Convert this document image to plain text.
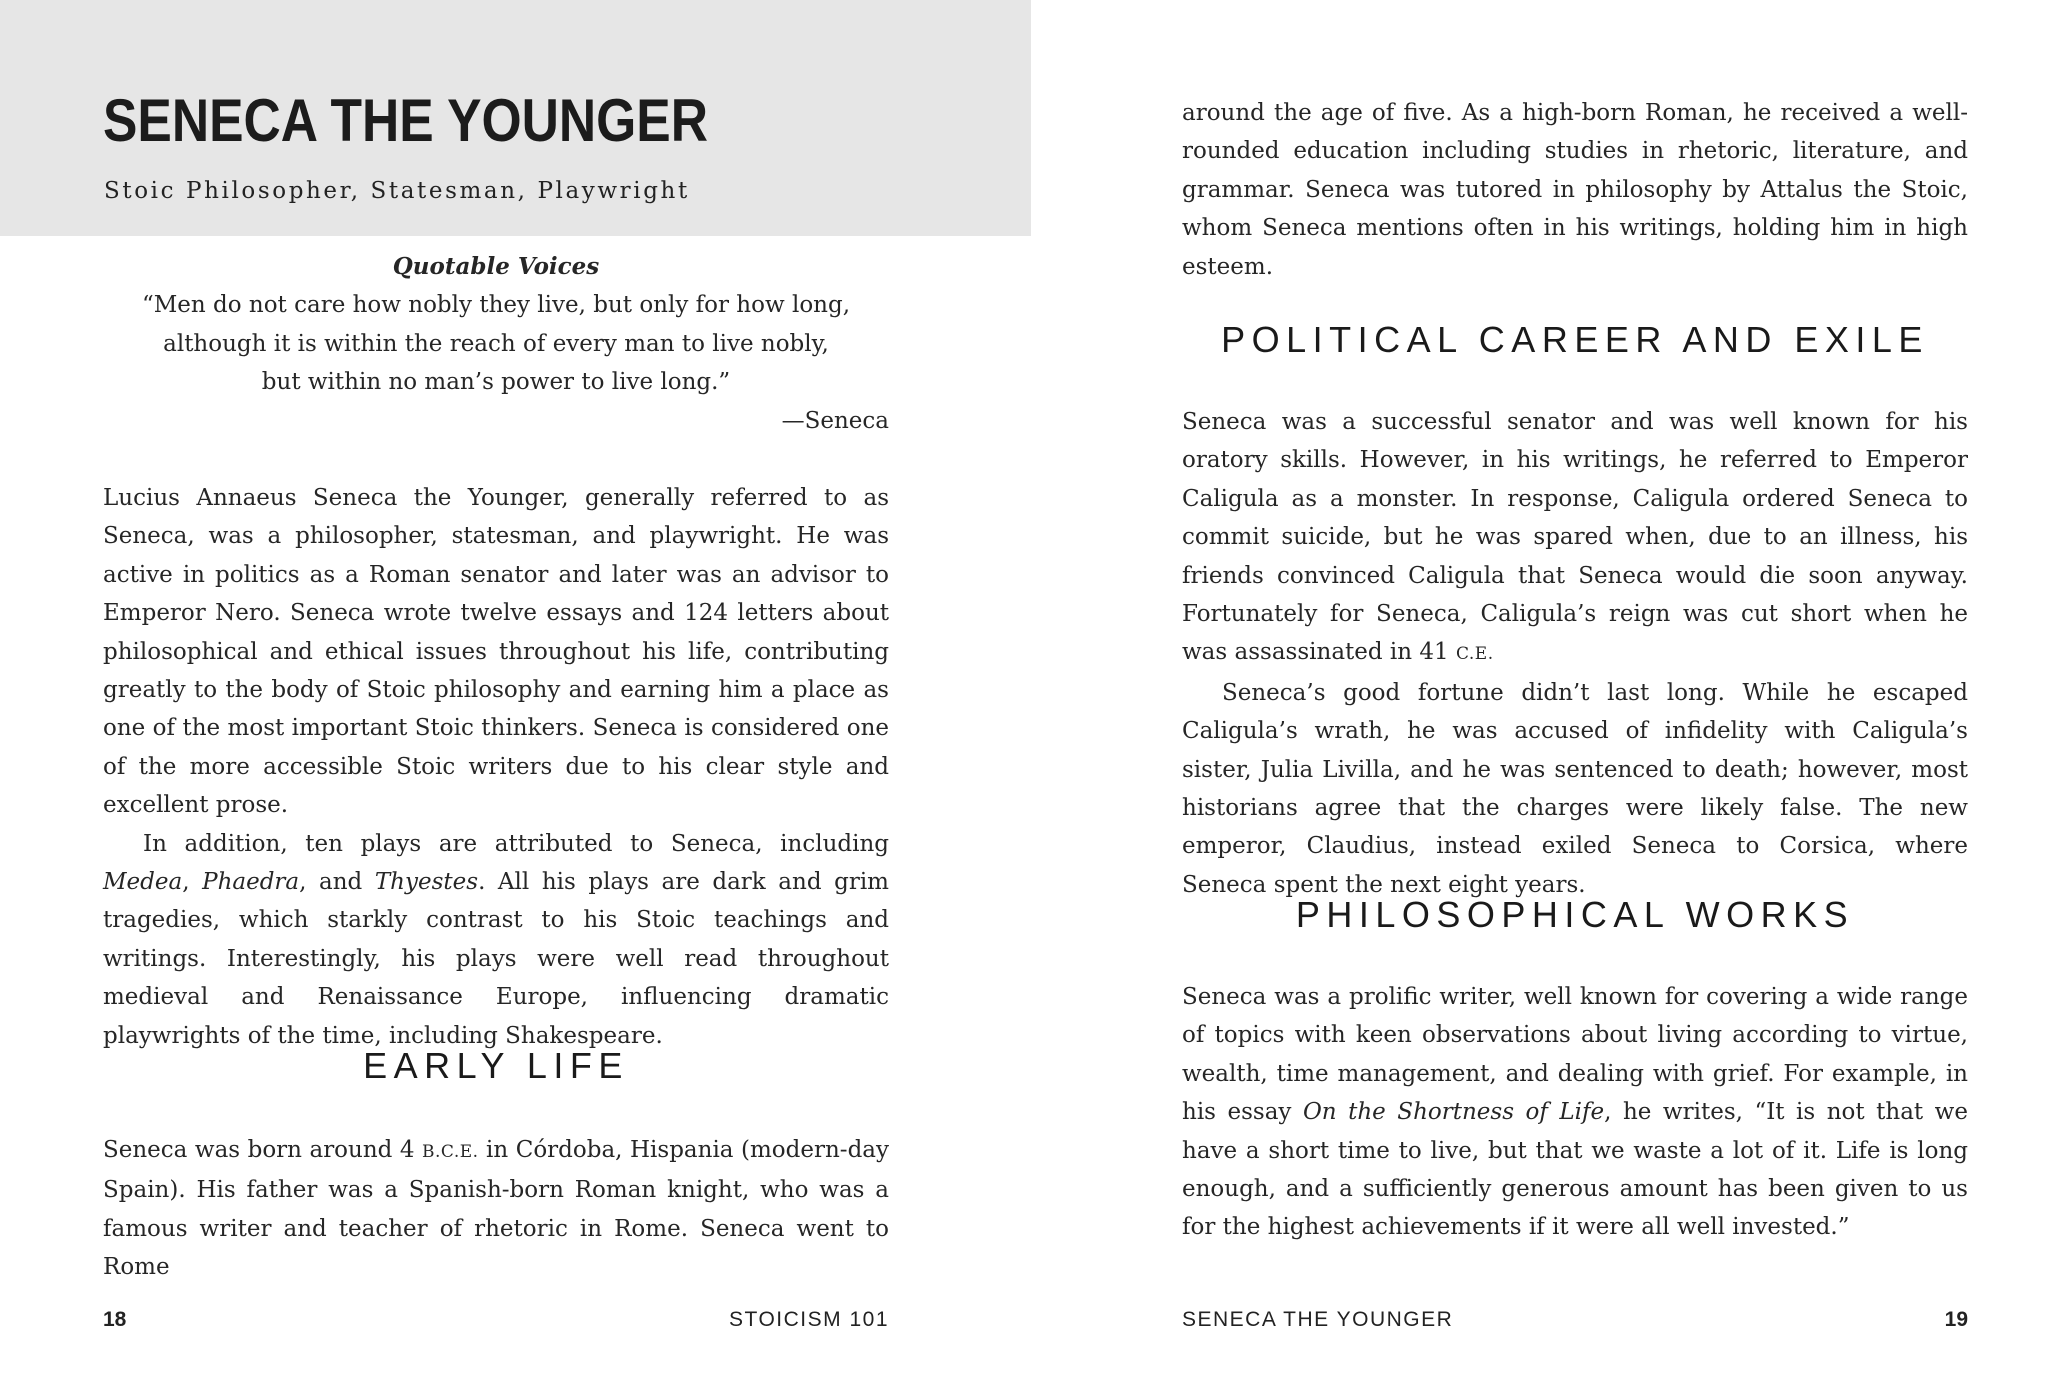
SENECA THE YOUNGER
Stoic Philosopher, Statesman, Playwright
Quotable Voices
“Men do not care how nobly they live, but only for how long,
although it is within the reach of every man to live nobly,
but within no man’s power to live long.”
—Seneca

Lucius Annaeus Seneca the Younger, generally referred to as Seneca, was a philosopher, statesman, and playwright. He was active in politics as a Roman senator and later was an advisor to Emperor Nero. Seneca wrote twelve essays and 124 letters about philosophical and ethical issues throughout his life, contributing greatly to the body of Stoic philosophy and earning him a place as one of the most important Stoic thinkers. Seneca is considered one of the more accessible Stoic writers due to his clear style and excellent prose.

In addition, ten plays are attributed to Seneca, including Medea, Phaedra, and Thyestes. All his plays are dark and grim tragedies, which starkly contrast to his Stoic teachings and writings. Interestingly, his plays were well read throughout medieval and Renaissance Europe, influencing dramatic playwrights of the time, including Shakespeare.

EARLY LIFE

Seneca was born around 4 B.C.E. in Córdoba, Hispania (modern-day Spain). His father was a Spanish-born Roman knight, who was a famous writer and teacher of rhetoric in Rome. Seneca went to Rome

18	STOICISM 101

around the age of five. As a high-born Roman, he received a well-rounded education including studies in rhetoric, literature, and grammar. Seneca was tutored in philosophy by Attalus the Stoic, whom Seneca mentions often in his writings, holding him in high esteem.

POLITICAL CAREER AND EXILE

Seneca was a successful senator and was well known for his oratory skills. However, in his writings, he referred to Emperor Caligula as a monster. In response, Caligula ordered Seneca to commit suicide, but he was spared when, due to an illness, his friends convinced Caligula that Seneca would die soon anyway. Fortunately for Seneca, Caligula’s reign was cut short when he was assassinated in 41 C.E.

Seneca’s good fortune didn’t last long. While he escaped Caligula’s wrath, he was accused of infidelity with Caligula’s sister, Julia Livilla, and he was sentenced to death; however, most historians agree that the charges were likely false. The new emperor, Claudius, instead exiled Seneca to Corsica, where Seneca spent the next eight years.

PHILOSOPHICAL WORKS

Seneca was a prolific writer, well known for covering a wide range of topics with keen observations about living according to virtue, wealth, time management, and dealing with grief. For example, in his essay On the Shortness of Life, he writes, “It is not that we have a short time to live, but that we waste a lot of it. Life is long enough, and a sufficiently generous amount has been given to us for the highest achievements if it were all well invested.”

SENECA THE YOUNGER	19
